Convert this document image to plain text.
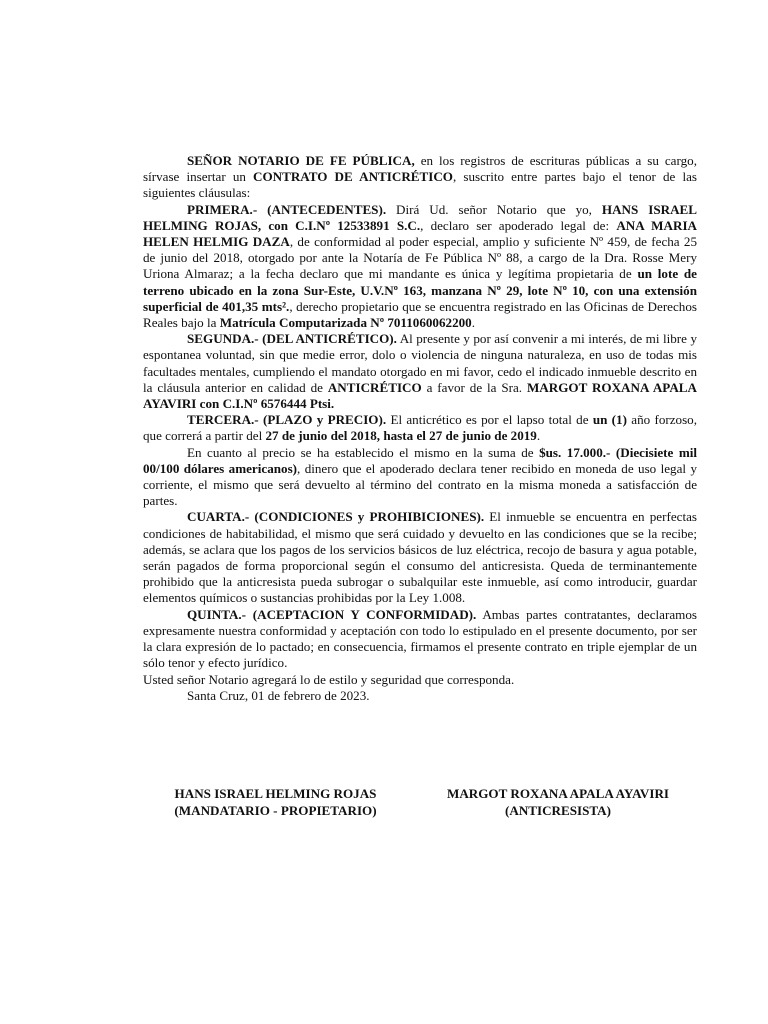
SEÑOR NOTARIO DE FE PÚBLICA, en los registros de escrituras públicas a su cargo, sírvase insertar un CONTRATO DE ANTICRÉTICO, suscrito entre partes bajo el tenor de las siguientes cláusulas:

PRIMERA.- (ANTECEDENTES). Dirá Ud. señor Notario que yo, HANS ISRAEL HELMING ROJAS, con C.I.Nº 12533891 S.C., declaro ser apoderado legal de: ANA MARIA HELEN HELMIG DAZA, de conformidad al poder especial, amplio y suficiente Nº 459, de fecha 25 de junio del 2018, otorgado por ante la Notaría de Fe Pública Nº 88, a cargo de la Dra. Rosse Mery Uriona Almaraz; a la fecha declaro que mi mandante es única y legítima propietaria de un lote de terreno ubicado en la zona Sur-Este, U.V.Nº 163, manzana Nº 29, lote Nº 10, con una extensión superficial de 401,35 mts²., derecho propietario que se encuentra registrado en las Oficinas de Derechos Reales bajo la Matrícula Computarizada Nº 7011060062200.

SEGUNDA.- (DEL ANTICRÉTICO). Al presente y por así convenir a mi interés, de mi libre y espontanea voluntad, sin que medie error, dolo o violencia de ninguna naturaleza, en uso de todas mis facultades mentales, cumpliendo el mandato otorgado en mi favor, cedo el indicado inmueble descrito en la cláusula anterior en calidad de ANTICRÉTICO a favor de la Sra. MARGOT ROXANA APALA AYAVIRI con C.I.Nº 6576444 Ptsi.

TERCERA.- (PLAZO y PRECIO). El anticrético es por el lapso total de un (1) año forzoso, que correrá a partir del 27 de junio del 2018, hasta el 27 de junio de 2019.

En cuanto al precio se ha establecido el mismo en la suma de $us. 17.000.- (Diecisiete mil 00/100 dólares americanos), dinero que el apoderado declara tener recibido en moneda de uso legal y corriente, el mismo que será devuelto al término del contrato en la misma moneda a satisfacción de partes.

CUARTA.- (CONDICIONES y PROHIBICIONES). El inmueble se encuentra en perfectas condiciones de habitabilidad, el mismo que será cuidado y devuelto en las condiciones que se la recibe; además, se aclara que los pagos de los servicios básicos de luz eléctrica, recojo de basura y agua potable, serán pagados de forma proporcional según el consumo del anticresista. Queda de terminantemente prohibido que la anticresista pueda subrogar o subalquilar este inmueble, así como introducir, guardar elementos químicos o sustancias prohibidas por la Ley 1.008.

QUINTA.- (ACEPTACION Y CONFORMIDAD). Ambas partes contratantes, declaramos expresamente nuestra conformidad y aceptación con todo lo estipulado en el presente documento, por ser la clara expresión de lo pactado; en consecuencia, firmamos el presente contrato en triple ejemplar de un sólo tenor y efecto jurídico.

Usted señor Notario agregará lo de estilo y seguridad que corresponda.

Santa Cruz, 01 de febrero de 2023.

HANS ISRAEL HELMING ROJAS
(MANDATARIO - PROPIETARIO)
MARGOT ROXANA APALA AYAVIRI
(ANTICRESISTA)
